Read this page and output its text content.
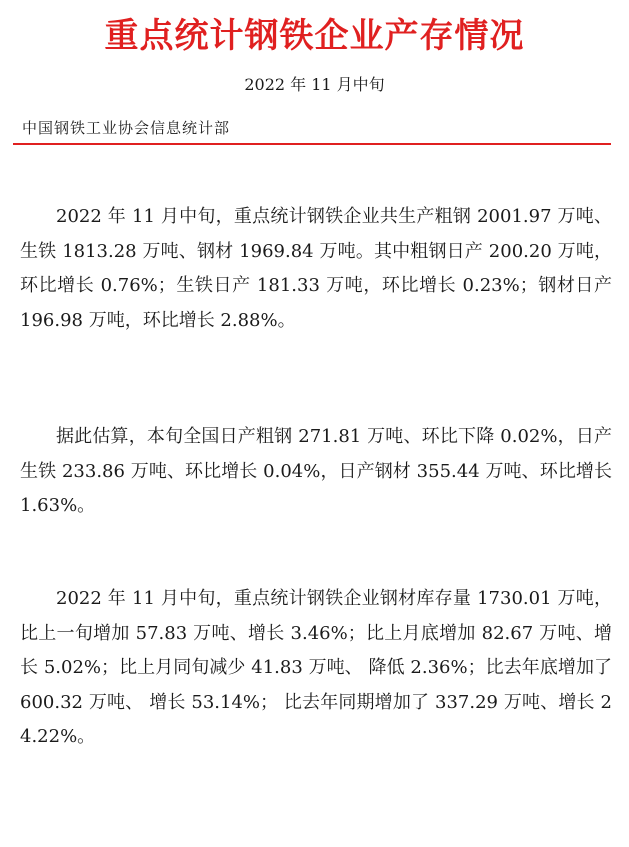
重点统计钢铁企业产存情况
2022 年 11 月中旬
中国钢铁工业协会信息统计部

2022 年 11 月中旬，重点统计钢铁企业共生产粗钢 2001.97 万吨、生铁 1813.28 万吨、钢材 1969.84 万吨。其中粗钢日产 200.20 万吨，环比增长 0.76%；生铁日产 181.33 万吨，环比增长 0.23%；钢材日产 196.98 万吨，环比增长 2.88%。

据此估算，本旬全国日产粗钢 271.81 万吨、环比下降 0.02%，日产生铁 233.86 万吨、环比增长 0.04%，日产钢材 355.44 万吨、环比增长 1.63%。

2022 年 11 月中旬，重点统计钢铁企业钢材库存量 1730.01 万吨，比上一旬增加 57.83 万吨、增长 3.46%；比上月底增加 82.67 万吨、增长 5.02%；比上月同旬减少 41.83 万吨、 降低 2.36%；比去年底增加了 600.32 万吨、 增长 53.14%； 比去年同期增加了 337.29 万吨、增长 24.22%。
